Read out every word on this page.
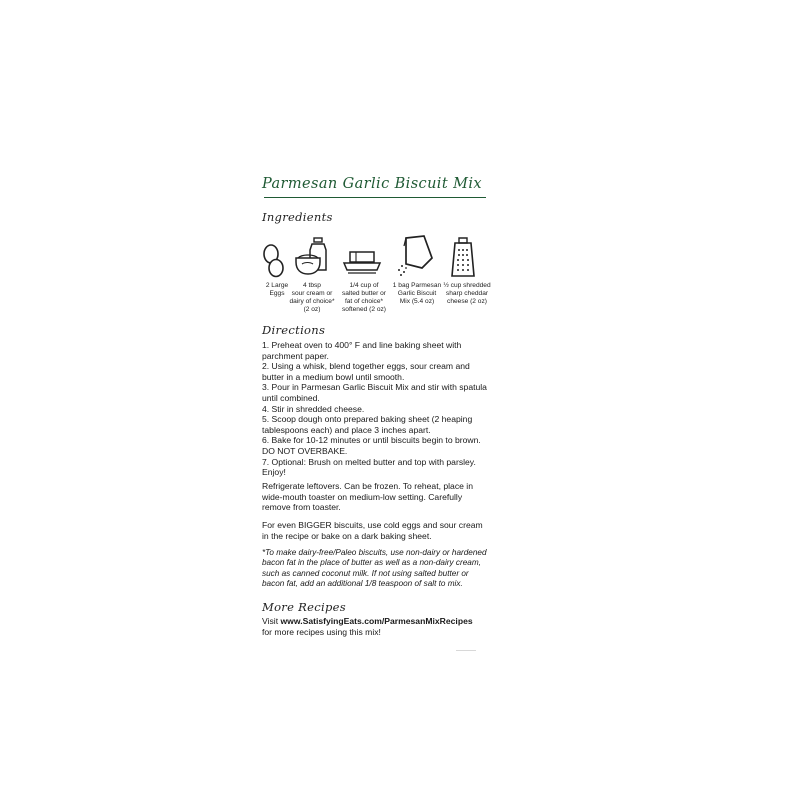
Parmesan Garlic Biscuit Mix
Ingredients
2 Large
Eggs
4 tbsp
sour cream or
dairy of choice*
(2 oz)
1/4 cup of
salted butter or
fat of choice*
softened (2 oz)
1 bag Parmesan
Garlic Biscuit
Mix (5.4 oz)
½ cup shredded
sharp cheddar
cheese (2 oz)
Directions
1. Preheat oven to 400° F and line baking sheet with parchment paper.
2. Using a whisk, blend together eggs, sour cream and butter in a medium bowl until smooth.
3. Pour in Parmesan Garlic Biscuit Mix and stir with spatula until combined.
4. Stir in shredded cheese.
5. Scoop dough onto prepared baking sheet (2 heaping tablespoons each) and place 3 inches apart.
6. Bake for 10-12 minutes or until biscuits begin to brown. DO NOT OVERBAKE.
7. Optional: Brush on melted butter and top with parsley. Enjoy!
Refrigerate leftovers. Can be frozen. To reheat, place in wide-mouth toaster on medium-low setting. Carefully remove from toaster.
For even BIGGER biscuits, use cold eggs and sour cream in the recipe or bake on a dark baking sheet.
*To make dairy-free/Paleo biscuits, use non-dairy or hardened bacon fat in the place of butter as well as a non-dairy cream, such as canned coconut milk. If not using salted butter or bacon fat, add an additional 1/8 teaspoon of salt to mix.
More Recipes
Visit www.SatisfyingEats.com/ParmesanMixRecipes
for more recipes using this mix!
